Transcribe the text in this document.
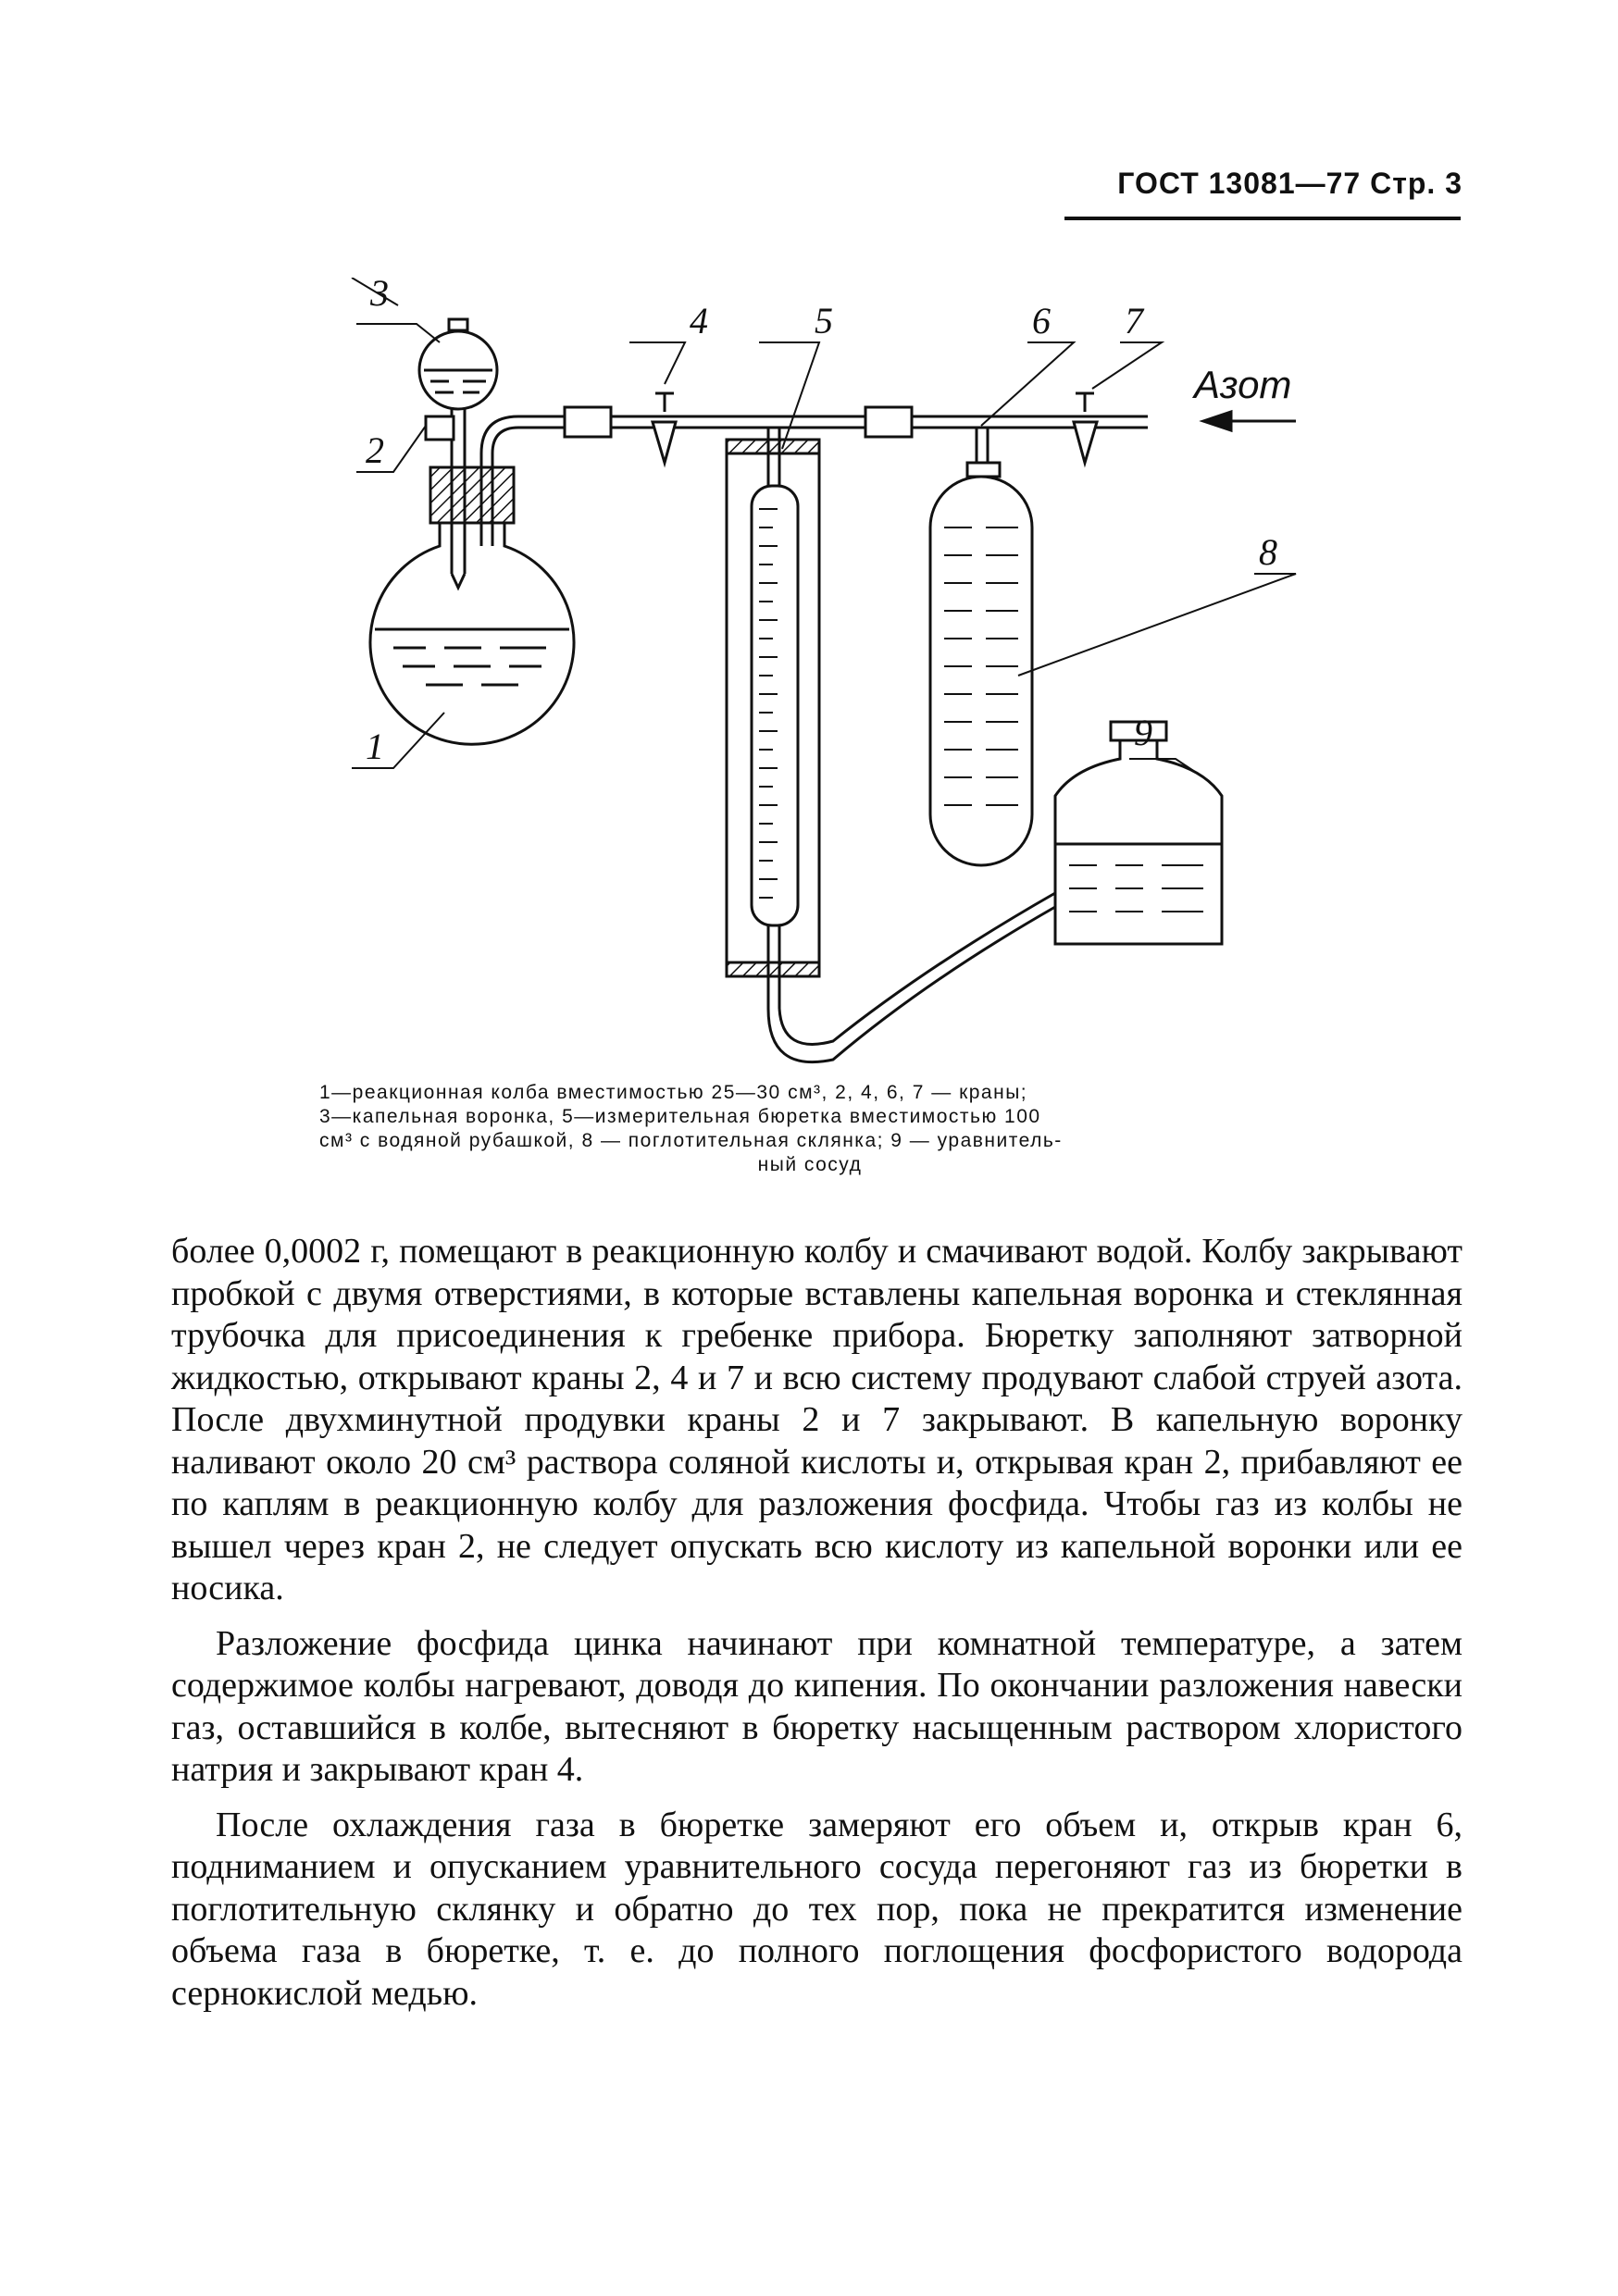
ГОСТ 13081—77 Стр. 3
Азот
3
2
1
4	5	6 7
8
9
1—реакционная колба вместимостью 25—30 см³, 2, 4, 6, 7 — краны;
3—капельная воронка, 5—измерительная бюретка вместимостью 100
см³ с водяной рубашкой, 8 — поглотительная склянка; 9 — уравнитель-
ный сосуд

более 0,0002 г, помещают в реакционную колбу и смачивают водой. Колбу закрывают пробкой с двумя отверстиями, в которые вставлены капельная воронка и стеклянная трубочка для присоединения к гребенке прибора. Бюретку заполняют затворной жидкостью, открывают краны 2, 4 и 7 и всю систему продувают слабой струей азота. После двухминутной продувки краны 2 и 7 закрывают. В капельную воронку наливают около 20 см³ раствора соляной кислоты и, открывая кран 2, прибавляют ее по каплям в реакционную колбу для разложения фосфида. Чтобы газ из колбы не вышел через кран 2, не следует опускать всю кислоту из капельной воронки или ее носика.

Разложение фосфида цинка начинают при комнатной температуре, а затем содержимое колбы нагревают, доводя до кипения. По окончании разложения навески газ, оставшийся в колбе, вытесняют в бюретку насыщенным раствором хлористого натрия и закрывают кран 4.

После охлаждения газа в бюретке замеряют его объем и, открыв кран 6, подниманием и опусканием уравнительного сосуда перегоняют газ из бюретки в поглотительную склянку и обратно до тех пор, пока не прекратится изменение объема газа в бюретке, т. е. до полного поглощения фосфористого водорода сернокислой медью.
